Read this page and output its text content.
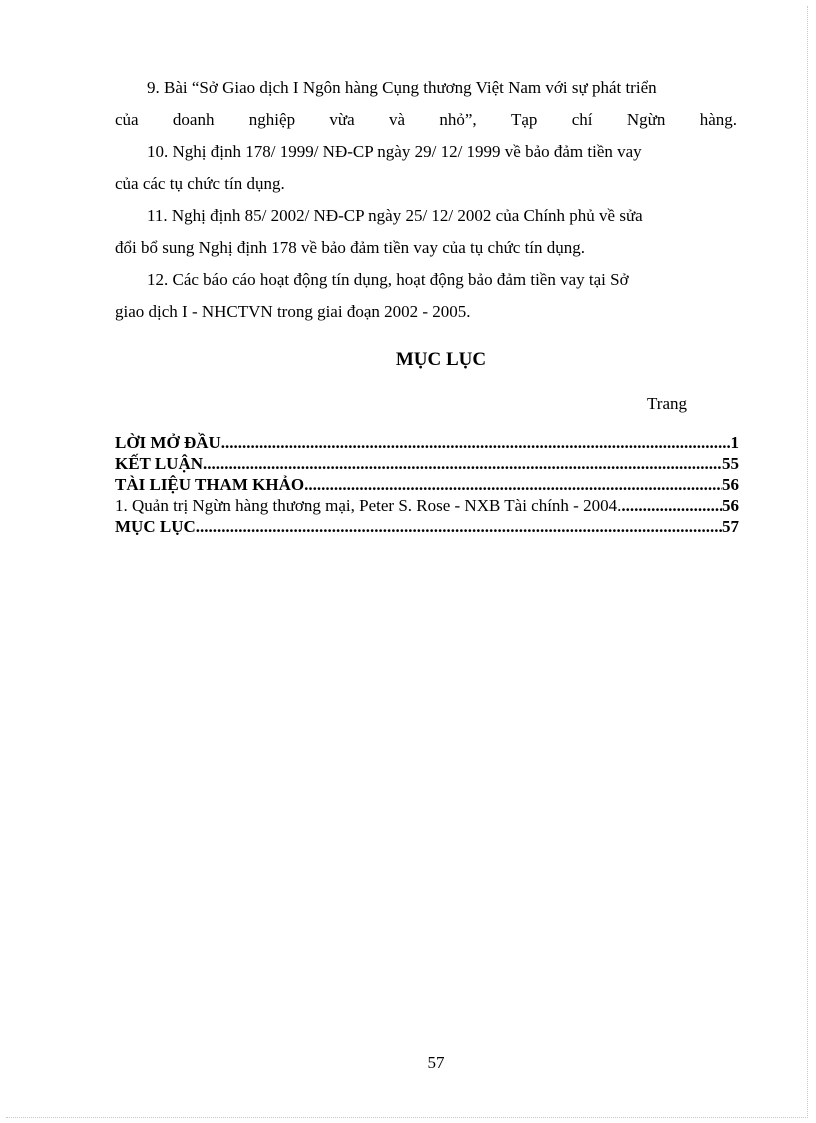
9. Bài “Sở Giao dịch I Ngôn hàng Cụng thương Việt Nam với sự phát triển
của doanh nghiệp vừa và nhỏ”, Tạp chí Ngừn hàng.
10. Nghị định 178/ 1999/ NĐ-CP ngày 29/ 12/ 1999 về bảo đảm tiền vay
của các tụ chức tín dụng.
11. Nghị định 85/ 2002/ NĐ-CP ngày 25/ 12/ 2002 của Chính phủ về sửa
đổi bổ sung Nghị định 178 về bảo đảm tiền vay của tụ chức tín dụng.
12. Các báo cáo hoạt động tín dụng, hoạt động bảo đảm tiền vay tại Sở
giao dịch I - NHCTVN trong giai đoạn 2002 - 2005.
MỤC LỤC
Trang
LỜI MỞ ĐẦU .....	1
KẾT LUẬN .....	55
TÀI LIỆU THAM KHẢO .....	56
1. Quản trị Ngừn hàng thương mại, Peter S. Rose - NXB Tài chính - 2004. .....	56
MỤC LỤC .....	57
57
